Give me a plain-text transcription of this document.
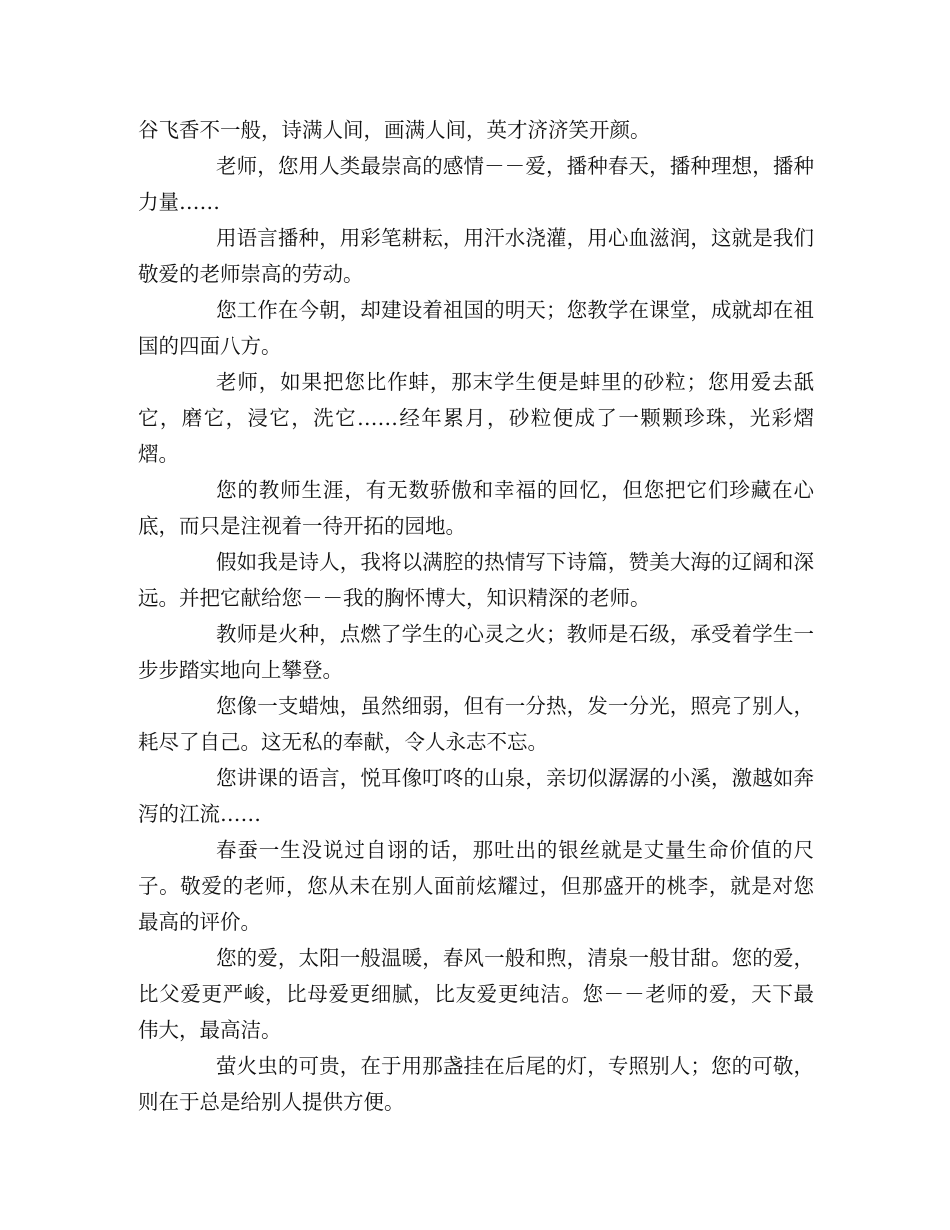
谷飞香不一般，诗满人间，画满人间，英才济济笑开颜。

老师，您用人类最崇高的感情－－爱，播种春天，播种理想，播种力量……

用语言播种，用彩笔耕耘，用汗水浇灌，用心血滋润，这就是我们敬爱的老师崇高的劳动。

您工作在今朝，却建设着祖国的明天；您教学在课堂，成就却在祖国的四面八方。

老师，如果把您比作蚌，那末学生便是蚌里的砂粒；您用爱去舐它，磨它，浸它，洗它……经年累月，砂粒便成了一颗颗珍珠，光彩熠熠。

您的教师生涯，有无数骄傲和幸福的回忆，但您把它们珍藏在心底，而只是注视着一待开拓的园地。

假如我是诗人，我将以满腔的热情写下诗篇，赞美大海的辽阔和深远。并把它献给您－－我的胸怀博大，知识精深的老师。

教师是火种，点燃了学生的心灵之火；教师是石级，承受着学生一步步踏实地向上攀登。

您像一支蜡烛，虽然细弱，但有一分热，发一分光，照亮了别人，耗尽了自己。这无私的奉献，令人永志不忘。

您讲课的语言，悦耳像叮咚的山泉，亲切似潺潺的小溪，激越如奔泻的江流……

春蚕一生没说过自诩的话，那吐出的银丝就是丈量生命价值的尺子。敬爱的老师，您从未在别人面前炫耀过，但那盛开的桃李，就是对您最高的评价。

您的爱，太阳一般温暖，春风一般和煦，清泉一般甘甜。您的爱，比父爱更严峻，比母爱更细腻，比友爱更纯洁。您－－老师的爱，天下最伟大，最高洁。

萤火虫的可贵，在于用那盏挂在后尾的灯，专照别人；您的可敬，则在于总是给别人提供方便。
